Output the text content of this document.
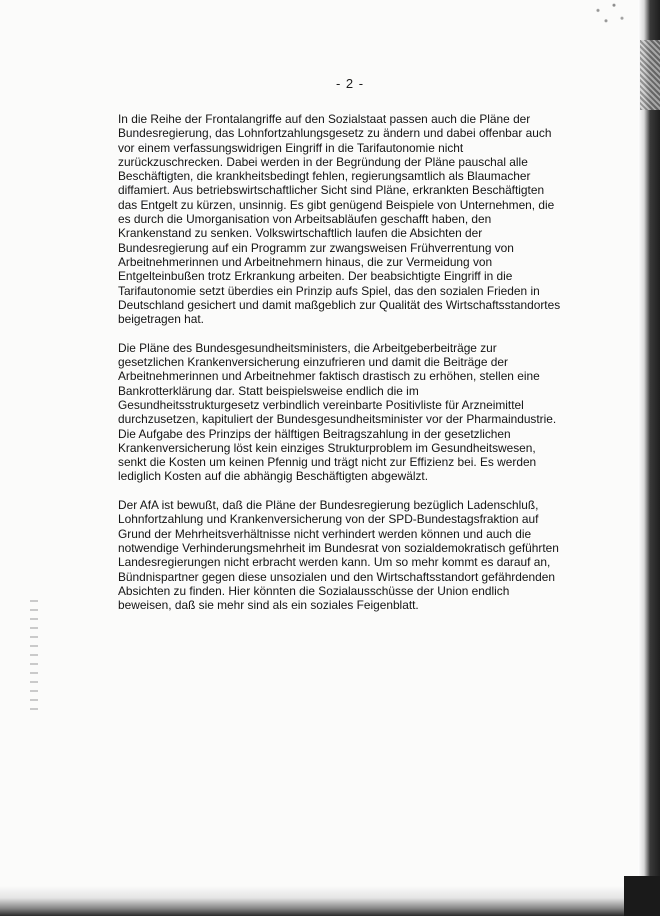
- 2 -
In die Reihe der Frontalangriffe auf den Sozialstaat passen auch die Pläne der
Bundesregierung, das Lohnfortzahlungsgesetz zu ändern und dabei offenbar auch
vor einem verfassungswidrigen Eingriff in die Tarifautonomie nicht
zurückzuschrecken. Dabei werden in der Begründung der Pläne pauschal alle
Beschäftigten, die krankheitsbedingt fehlen, regierungsamtlich als Blaumacher
diffamiert. Aus betriebswirtschaftlicher Sicht sind Pläne, erkrankten Beschäftigten
das Entgelt zu kürzen, unsinnig. Es gibt genügend Beispiele von Unternehmen, die
es durch die Umorganisation von Arbeitsabläufen geschafft haben, den
Krankenstand zu senken. Volkswirtschaftlich laufen die Absichten der
Bundesregierung auf ein Programm zur zwangsweisen Frühverrentung von
Arbeitnehmerinnen und Arbeitnehmern hinaus, die zur Vermeidung von
Entgelteinbußen trotz Erkrankung arbeiten. Der beabsichtigte Eingriff in die
Tarifautonomie setzt überdies ein Prinzip aufs Spiel, das den sozialen Frieden in
Deutschland gesichert und damit maßgeblich zur Qualität des Wirtschaftsstandortes
beigetragen hat.
Die Pläne des Bundesgesundheitsministers, die Arbeitgeberbeiträge zur
gesetzlichen Krankenversicherung einzufrieren und damit die Beiträge der
Arbeitnehmerinnen und Arbeitnehmer faktisch drastisch zu erhöhen, stellen eine
Bankrotterklärung dar. Statt beispielsweise endlich die im
Gesundheitsstrukturgesetz verbindlich vereinbarte Positivliste für Arzneimittel
durchzusetzen, kapituliert der Bundesgesundheitsminister vor der Pharmaindustrie.
Die Aufgabe des Prinzips der hälftigen Beitragszahlung in der gesetzlichen
Krankenversicherung löst kein einziges Strukturproblem im Gesundheitswesen,
senkt die Kosten um keinen Pfennig und trägt nicht zur Effizienz bei. Es werden
lediglich Kosten auf die abhängig Beschäftigten abgewälzt.
Der AfA ist bewußt, daß die Pläne der Bundesregierung bezüglich Ladenschluß,
Lohnfortzahlung und Krankenversicherung von der SPD-Bundestagsfraktion auf
Grund der Mehrheitsverhältnisse nicht verhindert werden können und auch die
notwendige Verhinderungsmehrheit im Bundesrat von sozialdemokratisch geführten
Landesregierungen nicht erbracht werden kann. Um so mehr kommt es darauf an,
Bündnispartner gegen diese unsozialen und den Wirtschaftsstandort gefährdenden
Absichten zu finden. Hier könnten die Sozialausschüsse der Union endlich
beweisen, daß sie mehr sind als ein soziales Feigenblatt.
